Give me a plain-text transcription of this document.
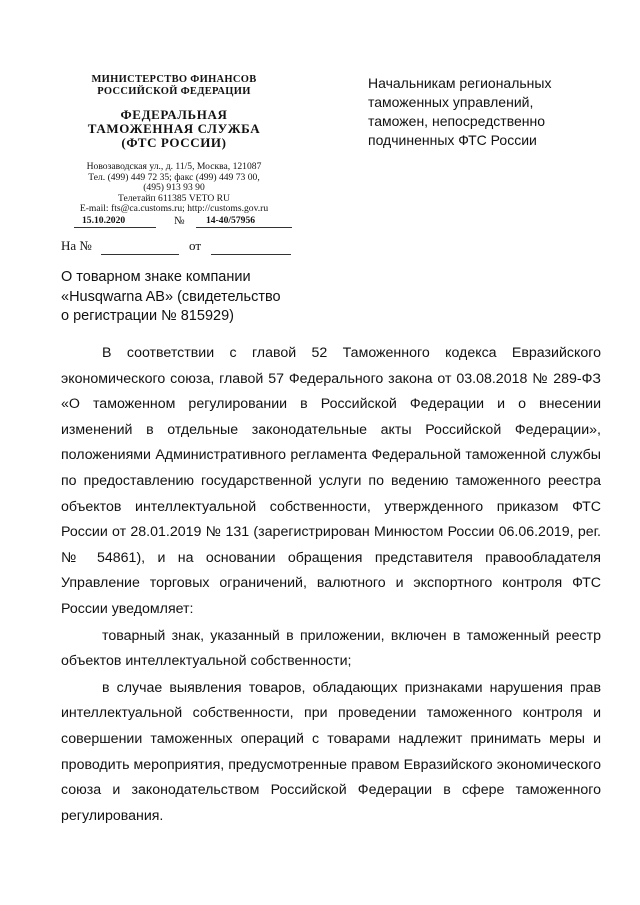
МИНИСТЕРСТВО ФИНАНСОВ
РОССИЙСКОЙ ФЕДЕРАЦИИ
ФЕДЕРАЛЬНАЯ
ТАМОЖЕННАЯ СЛУЖБА
(ФТС РОССИИ)
Новозаводская ул., д. 11/5, Москва, 121087
Тел. (499) 449 72 35; факс (499) 449 73 00,
(495) 913 93 90
Телетайп 611385 VETO RU
E-mail: fts@ca.customs.ru; http://customs.gov.ru
15.10.2020	№ 14-40/57956
На №	от
Начальникам региональных
таможенных управлений,
таможен, непосредственно
подчиненных ФТС России
О товарном знаке компании
«Husqwarna AB» (свидетельство
о регистрации № 815929)

В соответствии с главой 52 Таможенного кодекса Евразийского экономического союза, главой 57 Федерального закона от 03.08.2018 № 289-ФЗ «О таможенном регулировании в Российской Федерации и о внесении изменений в отдельные законодательные акты Российской Федерации», положениями Административного регламента Федеральной таможенной службы по предоставлению государственной услуги по ведению таможенного реестра объектов интеллектуальной собственности, утвержденного приказом ФТС России от 28.01.2019 № 131 (зарегистрирован Минюстом России 06.06.2019, рег. № 54861), и на основании обращения представителя правообладателя Управление торговых ограничений, валютного и экспортного контроля ФТС России уведомляет:

товарный знак, указанный в приложении, включен в таможенный реестр объектов интеллектуальной собственности;

в случае выявления товаров, обладающих признаками нарушения прав интеллектуальной собственности, при проведении таможенного контроля и совершении таможенных операций с товарами надлежит принимать меры и проводить мероприятия, предусмотренные правом Евразийского экономического союза и законодательством Российской Федерации в сфере таможенного регулирования.
